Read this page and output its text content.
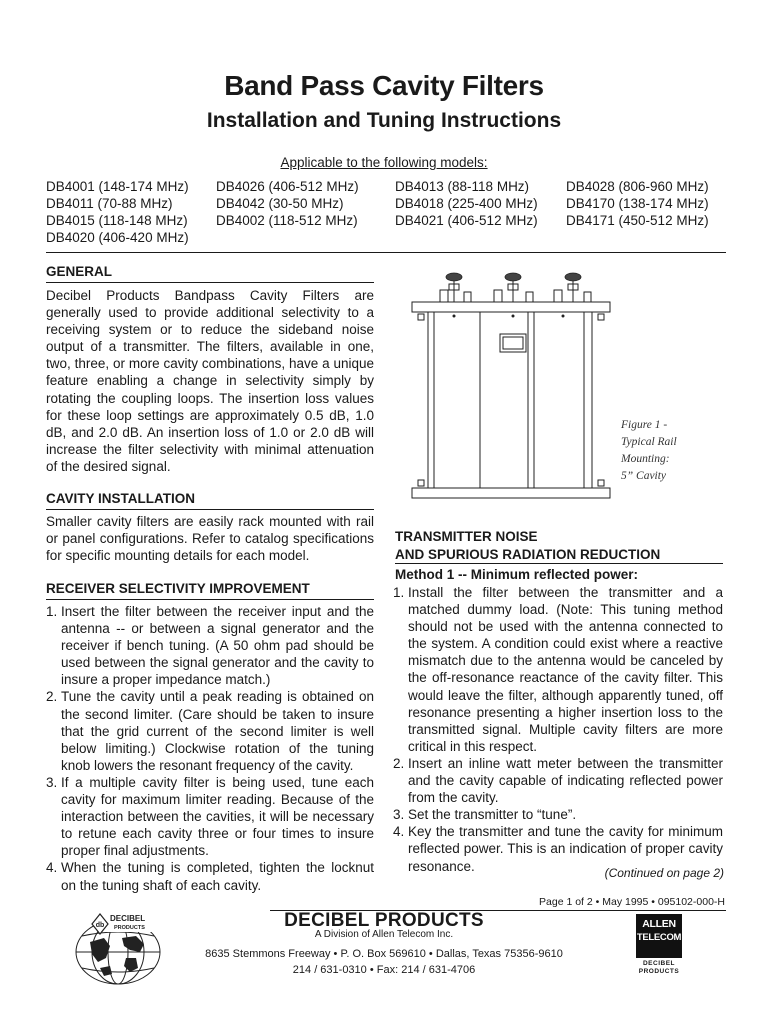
Band Pass Cavity Filters
Installation and Tuning Instructions
Applicable to the following models:
DB4001 (148-174 MHz)
DB4011 (70-88 MHz)
DB4015 (118-148 MHz)
DB4020 (406-420 MHz)
DB4026 (406-512 MHz)
DB4042 (30-50 MHz)
DB4002 (118-512 MHz)
DB4013 (88-118 MHz)
DB4018 (225-400 MHz)
DB4021 (406-512 MHz)
DB4028 (806-960 MHz)
DB4170 (138-174 MHz)
DB4171 (450-512 MHz)
GENERAL
Decibel Products Bandpass Cavity Filters are generally used to provide additional selectivity to a receiving system or to reduce the sideband noise output of a transmitter. The filters, available in one, two, three, or more cavity combinations, have a unique feature enabling a change in selectivity simply by rotating the coupling loops. The insertion loss values for these loop settings are approximately 0.5 dB, 1.0 dB, and 2.0 dB. An insertion loss of 1.0 or 2.0 dB will increase the filter selectivity with minimal attenuation of the desired signal.
CAVITY INSTALLATION
Smaller cavity filters are easily rack mounted with rail or panel configurations. Refer to catalog specifications for specific mounting details for each model.
RECEIVER SELECTIVITY IMPROVEMENT
1. Insert the filter between the receiver input and the antenna -- or between a signal generator and the receiver if bench tuning. (A 50 ohm pad should be used between the signal generator and the cavity to insure a proper impedance match.)
2. Tune the cavity until a peak reading is obtained on the second limiter. (Care should be taken to insure that the grid current of the second limiter is well below limiting.) Clockwise rotation of the tuning knob lowers the resonant frequency of the cavity.
3. If a multiple cavity filter is being used, tune each cavity for maximum limiter reading. Because of the interaction between the cavities, it will be necessary to retune each cavity three or four times to insure proper final adjustments.
4. When the tuning is completed, tighten the locknut on the tuning shaft of each cavity.
Figure 1 -
Typical Rail
Mounting:
5” Cavity
TRANSMITTER NOISE
AND SPURIOUS RADIATION REDUCTION
Method 1 -- Minimum reflected power:
1. Install the filter between the transmitter and a matched dummy load. (Note: This tuning method should not be used with the antenna connected to the system. A condition could exist where a reactive mismatch due to the antenna would be canceled by the off-resonance reactance of the cavity filter. This would leave the filter, although apparently tuned, off resonance presenting a higher insertion loss to the transmitted signal. Multiple cavity filters are more critical in this respect.
2. Insert an inline watt meter between the transmitter and the cavity capable of indicating reflected power from the cavity.
3. Set the transmitter to “tune”.
4. Key the transmitter and tune the cavity for minimum reflected power. This is an indication of proper cavity resonance.	(Continued on page 2)
Page 1 of 2 • May 1995 • 095102-000-H
db
DECIBEL
PRODUCTS	DECIBEL PRODUCTS
A Division of Allen Telecom Inc.
8635 Stemmons Freeway • P. O. Box 569610 • Dallas, Texas 75356-9610
214 / 631-0310 • Fax: 214 / 631-4706
ALLEN
TELECOM
DECIBEL
PRODUCTS
